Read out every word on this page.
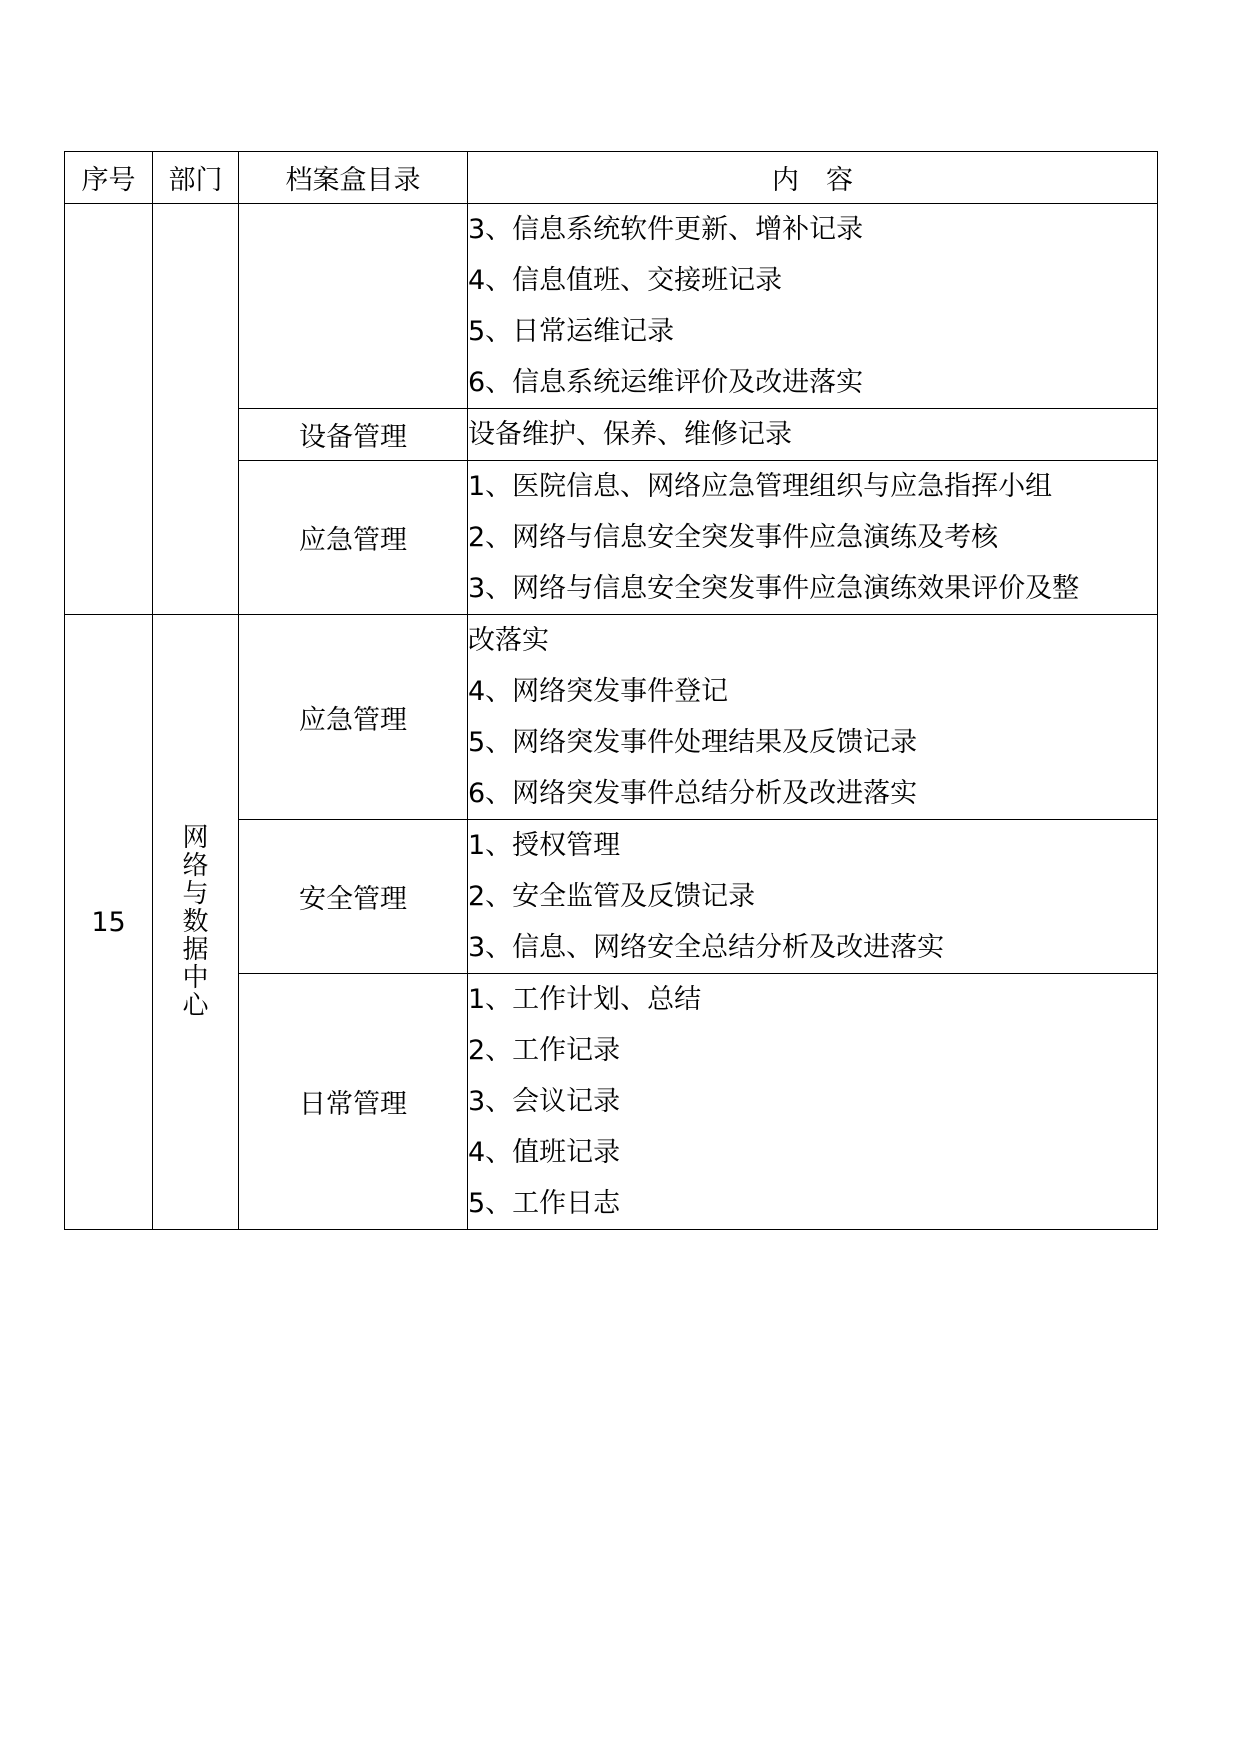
序号	部门	档案盒目录	内　容

			3、信息系统软件更新、增补记录
4、信息值班、交接班记录
5、日常运维记录
6、信息系统运维评价及改进落实

		设备管理	设备维护、保养、维修记录

		应急管理	1、医院信息、网络应急管理组织与应急指挥小组
2、网络与信息安全突发事件应急演练及考核
3、网络与信息安全突发事件应急演练效果评价及整

15	网络与数据中心	应急管理	改落实
4、网络突发事件登记
5、网络突发事件处理结果及反馈记录
6、网络突发事件总结分析及改进落实

		安全管理	1、授权管理
2、安全监管及反馈记录
3、信息、网络安全总结分析及改进落实

		日常管理	1、工作计划、总结
2、工作记录
3、会议记录
4、值班记录
5、工作日志
